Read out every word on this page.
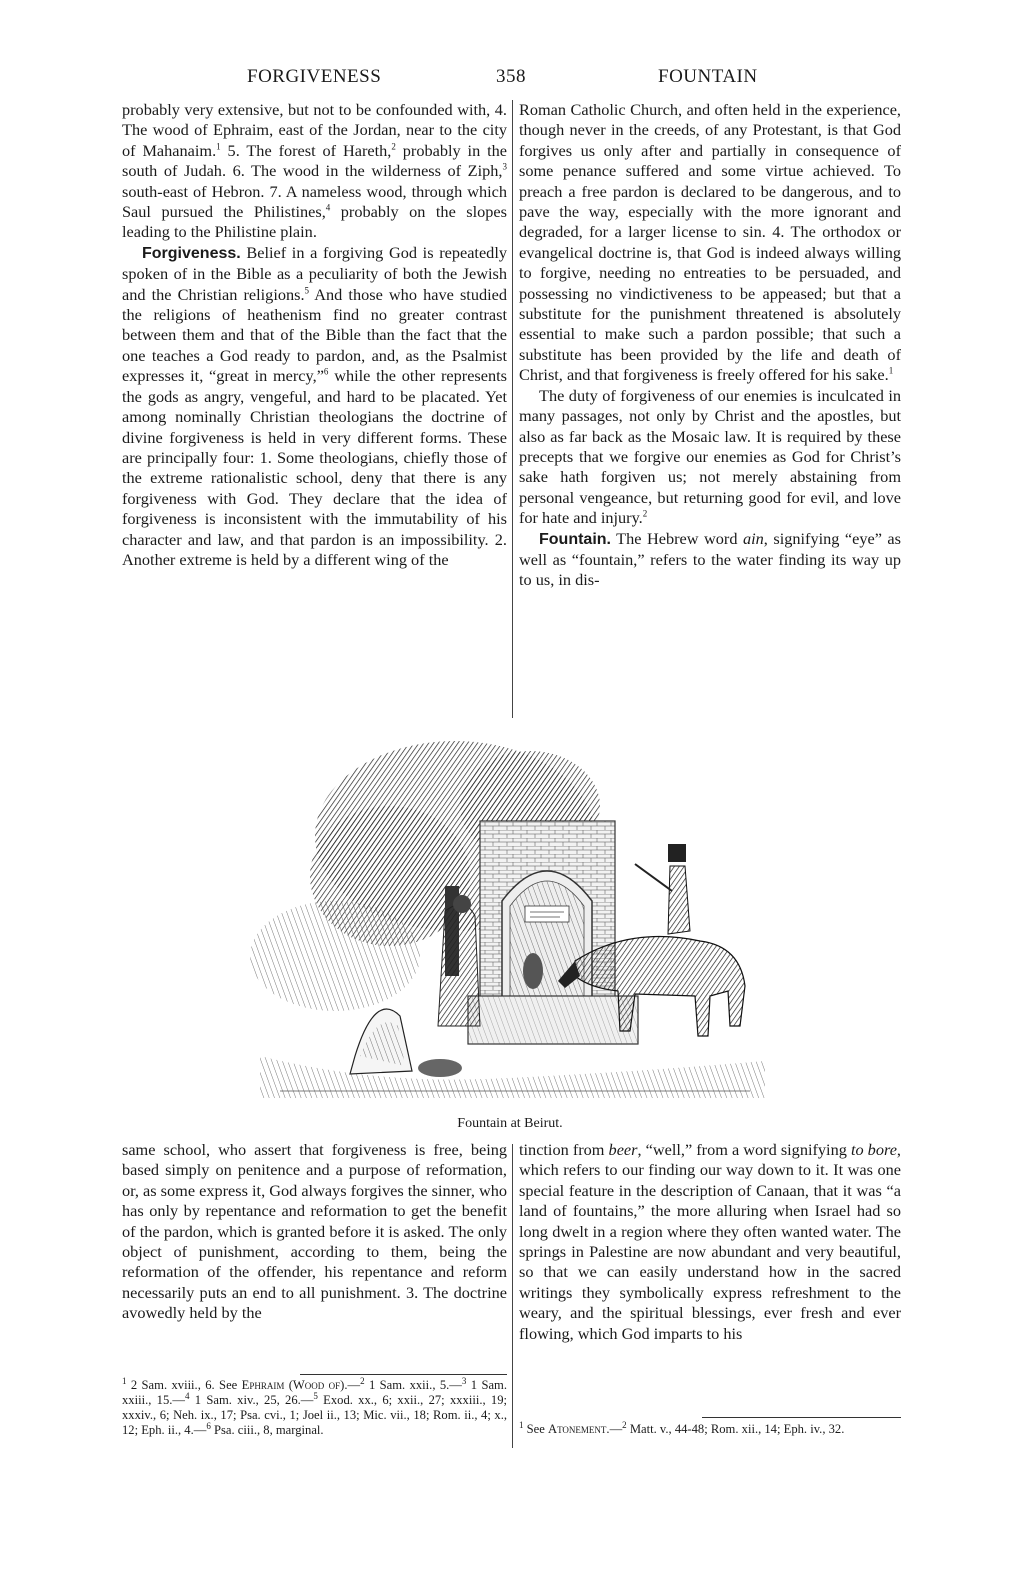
FORGIVENESS	358	FOUNTAIN

probably very extensive, but not to be confounded with, 4. The wood of Ephraim, east of the Jordan, near to the city of Mahanaim.$^1$ 5. The forest of Hareth,$^2$ probably in the south of Judah. 6. The wood in the wilderness of Ziph,$^3$ south-east of Hebron. 7. A nameless wood, through which Saul pursued the Philistines,$^4$ probably on the slopes leading to the Philistine plain.

Forgiveness. Belief in a forgiving God is repeatedly spoken of in the Bible as a peculiarity of both the Jewish and the Christian religions.$^5$ And those who have studied the religions of heathenism find no greater contrast between them and that of the Bible than the fact that the one teaches a God ready to pardon, and, as the Psalmist expresses it, “great in mercy,”$^6$ while the other represents the gods as angry, vengeful, and hard to be placated. Yet among nominally Christian theologians the doctrine of divine forgiveness is held in very different forms. These are principally four: 1. Some theologians, chiefly those of the extreme rationalistic school, deny that there is any forgiveness with God. They declare that the idea of forgiveness is inconsistent with the immutability of his character and law, and that pardon is an impossibility. 2. Another extreme is held by a different wing of the

Roman Catholic Church, and often held in the experience, though never in the creeds, of any Protestant, is that God forgives us only after and partially in consequence of some penance suffered and some virtue achieved. To preach a free pardon is declared to be dangerous, and to pave the way, especially with the more ignorant and degraded, for a larger license to sin. 4. The orthodox or evangelical doctrine is, that God is indeed always willing to forgive, needing no entreaties to be persuaded, and possessing no vindictiveness to be appeased; but that a substitute for the punishment threatened is absolutely essential to make such a pardon possible; that such a substitute has been provided by the life and death of Christ, and that forgiveness is freely offered for his sake.$^1$

The duty of forgiveness of our enemies is inculcated in many passages, not only by Christ and the apostles, but also as far back as the Mosaic law. It is required by these precepts that we forgive our enemies as God for Christ’s sake hath forgiven us; not merely abstaining from personal vengeance, but returning good for evil, and love for hate and injury.$^2$

Fountain. The Hebrew word ain, signifying “eye” as well as “fountain,” refers to the water finding its way up to us, in dis-

Fountain at Beirut.

same school, who assert that forgiveness is free, being based simply on penitence and a purpose of reformation, or, as some express it, God always forgives the sinner, who has only by repentance and reformation to get the benefit of the pardon, which is granted before it is asked. The only object of punishment, according to them, being the reformation of the offender, his repentance and reform necessarily puts an end to all punishment. 3. The doctrine avowedly held by the

tinction from beer, “well,” from a word signifying to bore, which refers to our finding our way down to it. It was one special feature in the description of Canaan, that it was “a land of fountains,” the more alluring when Israel had so long dwelt in a region where they often wanted water. The springs in Palestine are now abundant and very beautiful, so that we can easily understand how in the sacred writings they symbolically express refreshment to the weary, and the spiritual blessings, ever fresh and ever flowing, which God imparts to his

$^1$ 2 Sam. xviii., 6. See Ephraim (Wood of).—$^2$ 1 Sam. xxii., 5.—$^3$ 1 Sam. xxiii., 15.—$^4$ 1 Sam. xiv., 25, 26.—$^5$ Exod. xx., 6; xxii., 27; xxxiii., 19; xxxiv., 6; Neh. ix., 17; Psa. cvi., 1; Joel ii., 13; Mic. vii., 18; Rom. ii., 4; x., 12; Eph. ii., 4.—$^6$ Psa. ciii., 8, marginal.	$^1$ See Atonement.—$^2$ Matt. v., 44-48; Rom. xii., 14; Eph. iv., 32.
